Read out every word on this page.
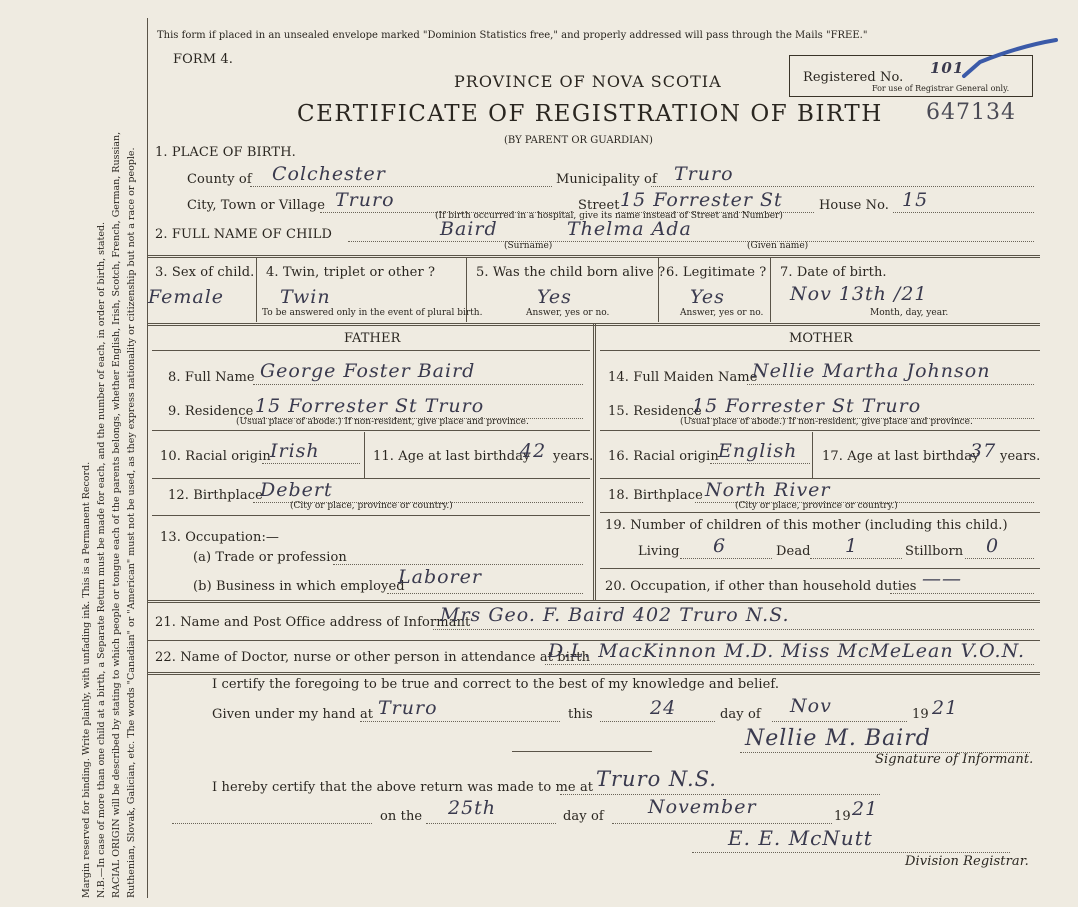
Margin reserved for binding. Write plainly, with unfading ink. This is a Permanent Record. N.B.—In case of more than one child at a birth, a Separate Return must be made for each, and the number of each, in order of birth, stated. RACIAL ORIGIN will be described by stating to which people or tongue each of the parents belongs, whether English, Irish, Scotch, French, German, Russian, Ruthenian, Slovak, Galician, etc. The words "Canadian" or "American" must not be used, as they express nationality or citizenship but not a race or people.
This form if placed in an unsealed envelope marked "Dominion Statistics free," and properly addressed will pass through the Mails "FREE."
FORM 4.
PROVINCE OF NOVA SCOTIA
CERTIFICATE OF REGISTRATION OF BIRTH
(BY PARENT OR GUARDIAN)
Registered No.
101
For use of Registrar General only.
647134
1. PLACE OF BIRTH.
County of Colchester	Municipality of Truro
City, Town or Village Truro	Street 15 Forrester St	House No. 15
(If birth occurred in a hospital, give its name instead of Street and Number)
2. FULL NAME OF CHILD	Baird	Thelma Ada
(Surname)	(Given name)
3. Sex of child.
Female
4. Twin, triplet or other ?
Twin
To be answered only in the event of plural birth.
5. Was the child born alive ?
Yes
Answer, yes or no.
6. Legitimate ?
Yes
Answer, yes or no.
7. Date of birth.
Nov 13th /21
Month, day, year.
FATHER	MOTHER
8. Full Name George Foster Baird
9. Residence 15 Forrester St Truro
(Usual place of abode.) If non-resident, give place and province.
10. Racial origin Irish	11. Age at last birthday
42 years.
12. Birthplace
Debert
(City or place, province or country.)
13. Occupation:—
(a) Trade or profession
(b) Business in which employed
Laborer
14. Full Maiden Name
Nellie Martha Johnson
15. Residence
15 Forrester St Truro
(Usual place of abode.) If non-resident, give place and province.
16. Racial origin English 17. Age at last birthday
37 years.
18. Birthplace North River
(City or place, province or country.)
19. Number of children of this mother (including this child.)
Living 6	Dead 1	Stillborn 0
20. Occupation, if other than household duties ——
21. Name and Post Office address of Informant
Mrs Geo. F. Baird 402 Truro N.S.
22. Name of Doctor, nurse or other person in attendance at birth
D.L. MacKinnon M.D. Miss McMeLean V.O.N.
I certify the foregoing to be true and correct to the best of my knowledge and belief.
Given under my hand at Truro	this	24	day of Nov	19 21
Nellie M. Baird
Signature of Informant.
I hereby certify that the above return was made to me at Truro N.S.
on the 25th	day of November	19 21
E. E. McNutt
Division Registrar.
